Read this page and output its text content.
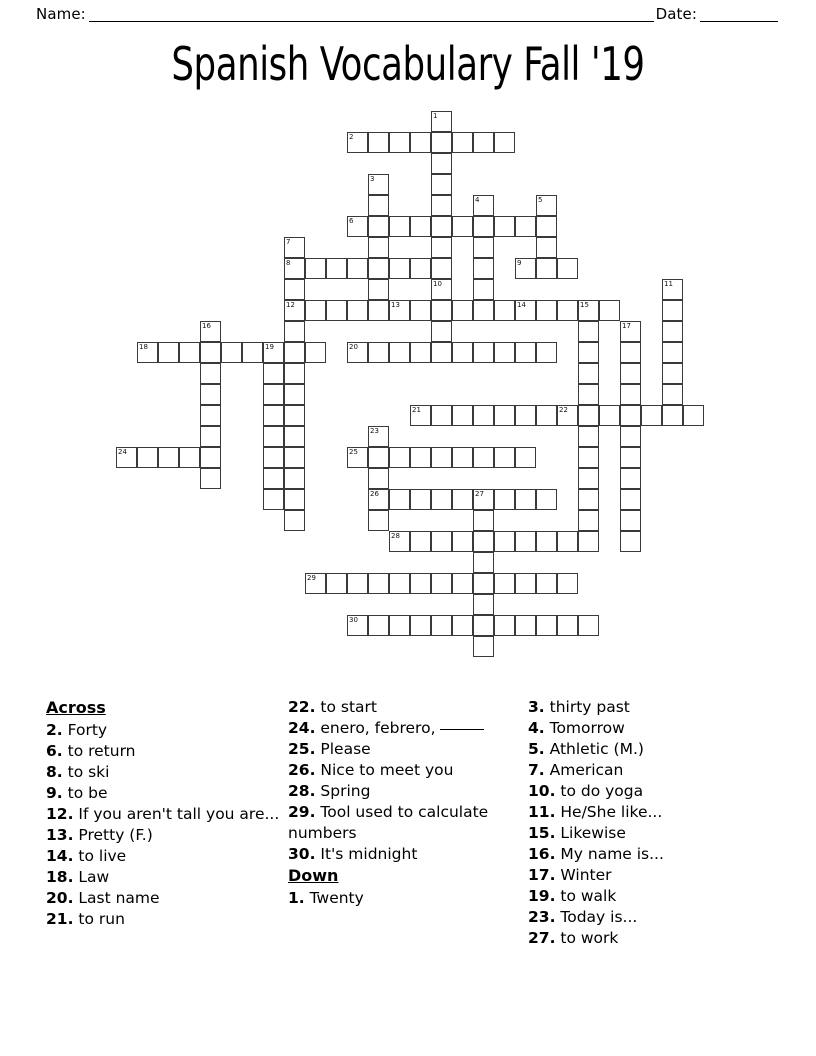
Name:	Date:
Spanish Vocabulary Fall '19
1
2
3
4	5
6
7
8	9
10	11
12	13	14	15
16	17
18	19	20
21	22
23
24	25
26	27
28
29
30
Across

2. Forty

6. to return

8. to ski

9. to be

12. If you aren't tall you are...

13. Pretty (F.)

14. to live

18. Law

20. Last name

21. to run

22. to start

24. enero, febrero,

25. Please

26. Nice to meet you

28. Spring

29. Tool used to calculate numbers

30. It's midnight

Down

1. Twenty

3. thirty past

4. Tomorrow

5. Athletic (M.)

7. American

10. to do yoga

11. He/She like...

15. Likewise

16. My name is...

17. Winter

19. to walk

23. Today is...

27. to work
